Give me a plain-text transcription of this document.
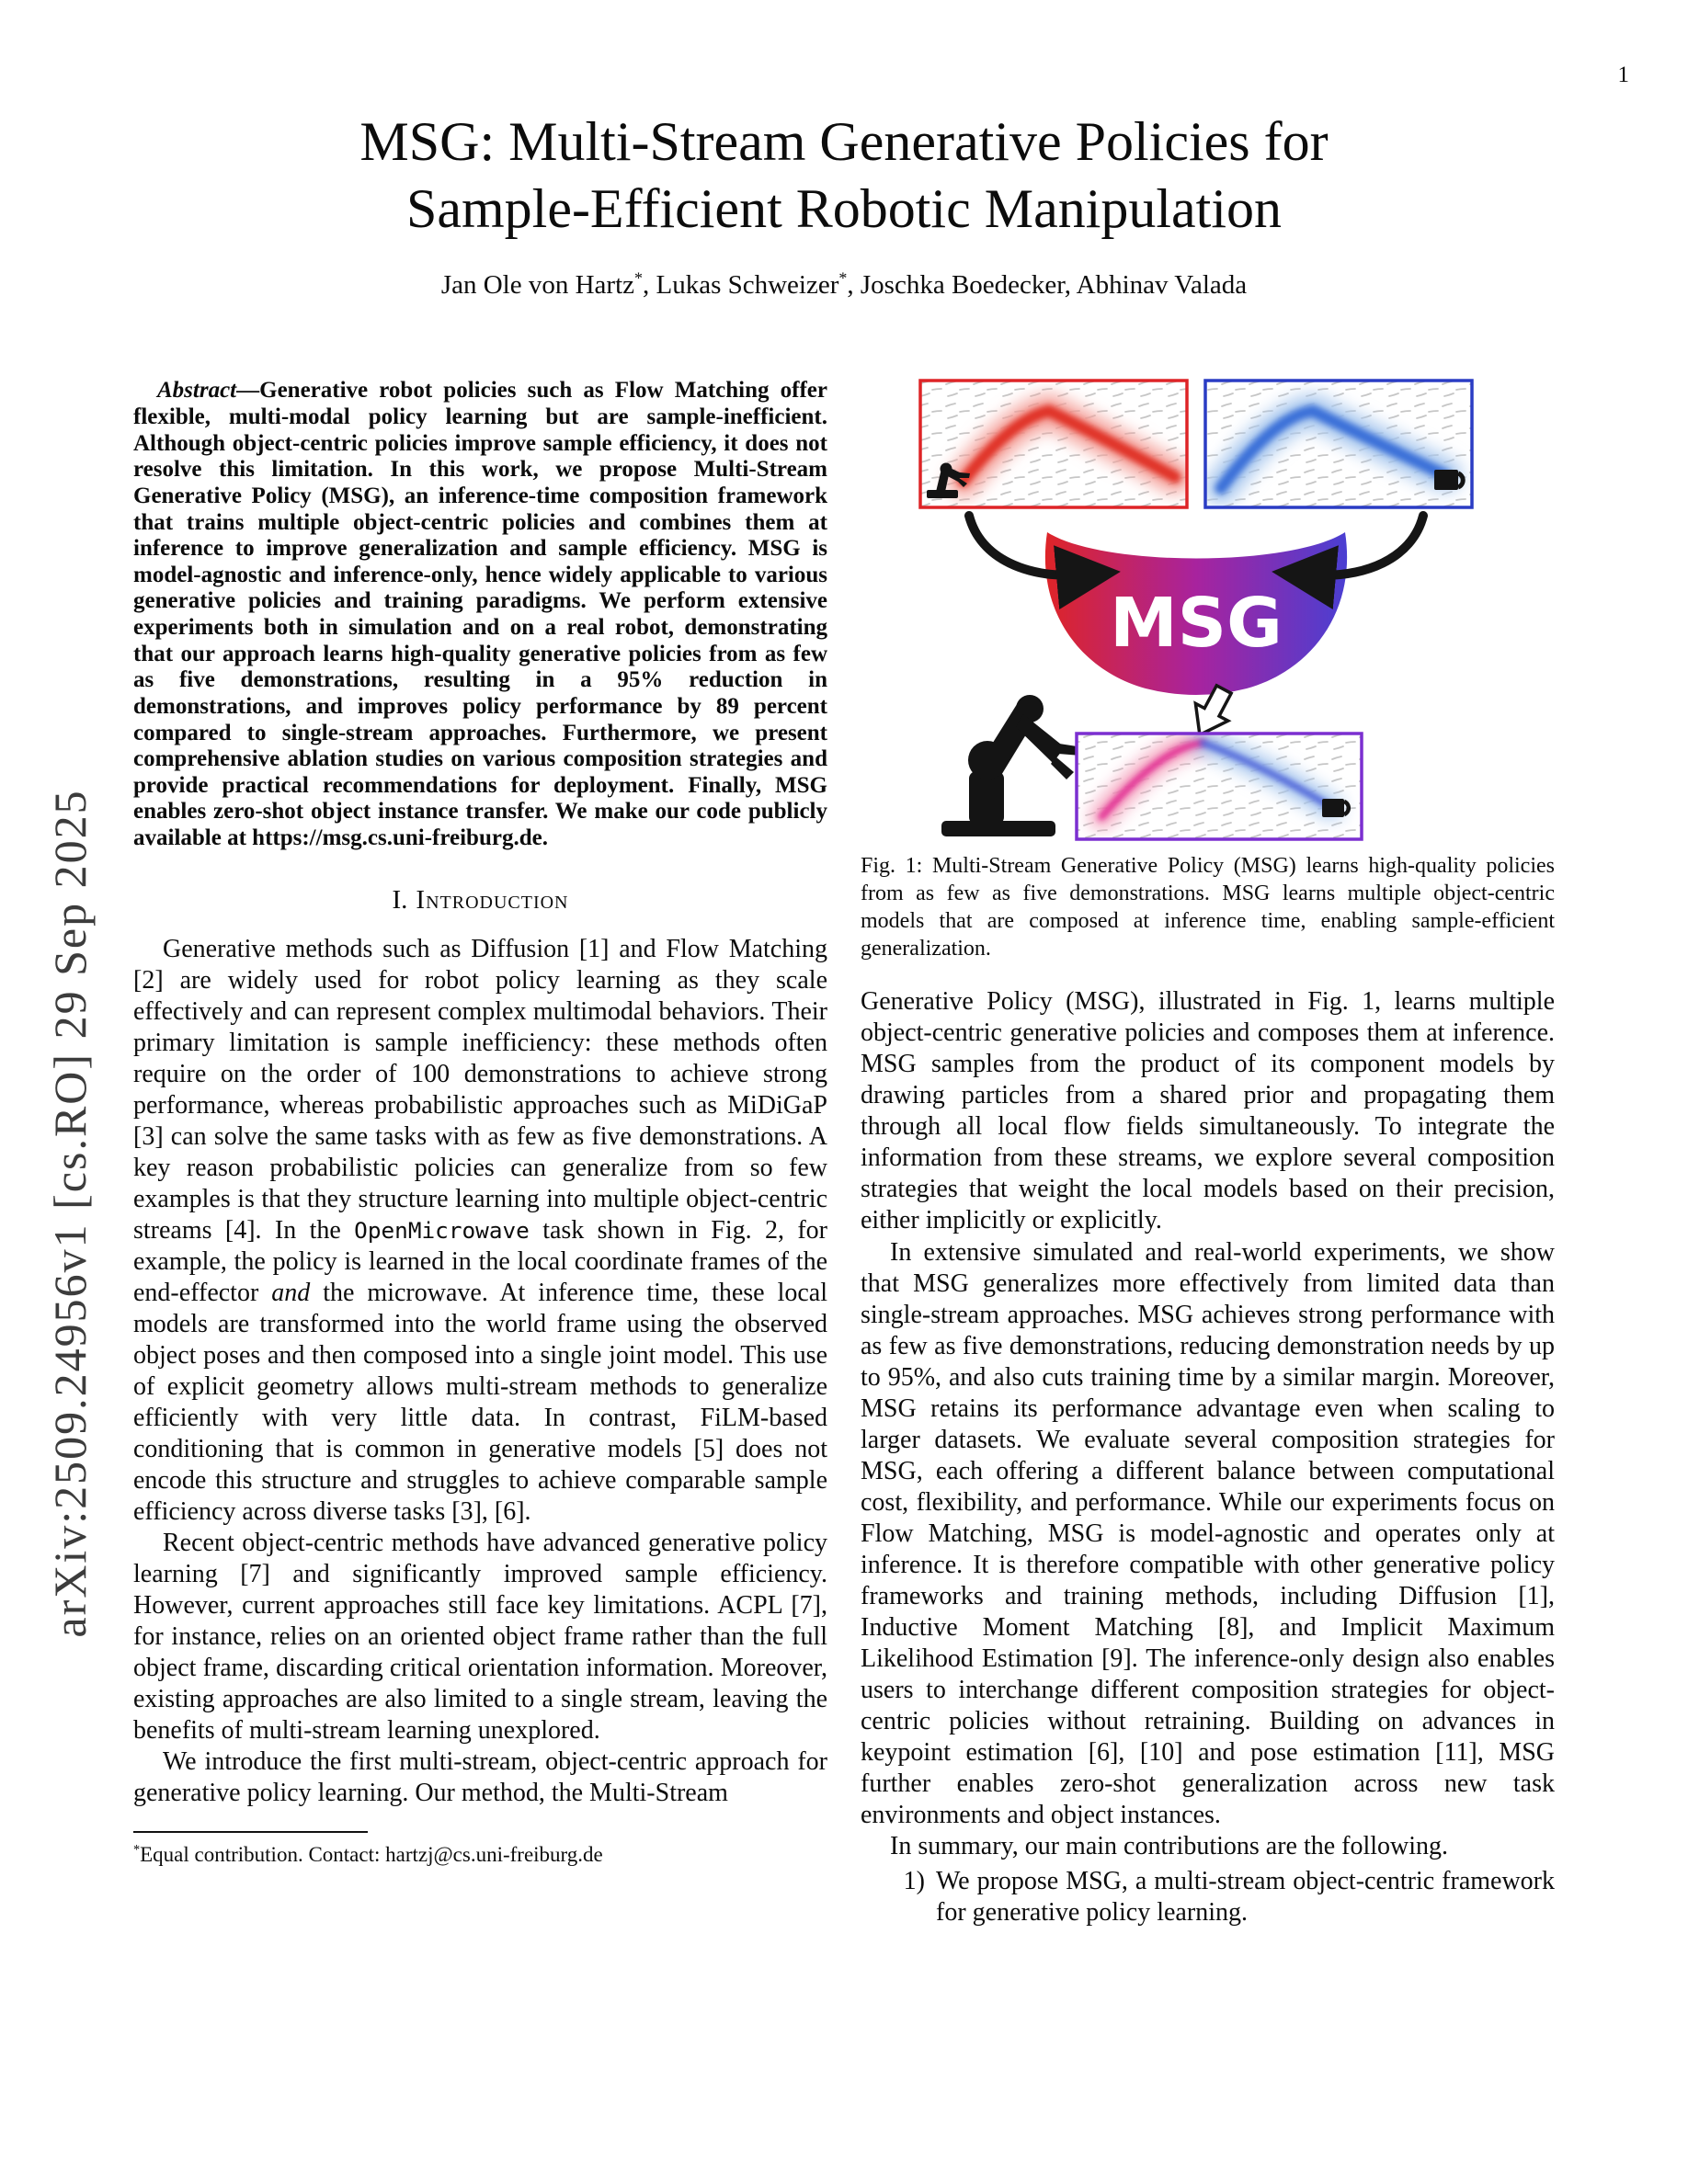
1
arXiv:2509.24956v1 [cs.RO] 29 Sep 2025
MSG: Multi-Stream Generative Policies for
Sample-Efficient Robotic Manipulation
Jan Ole von Hartz*, Lukas Schweizer*, Joschka Boedecker, Abhinav Valada

Abstract—Generative robot policies such as Flow Matching offer flexible, multi-modal policy learning but are sample-inefficient. Although object-centric policies improve sample efficiency, it does not resolve this limitation. In this work, we propose Multi-Stream Generative Policy (MSG), an inference-time composition framework that trains multiple object-centric policies and combines them at inference to improve generalization and sample efficiency. MSG is model-agnostic and inference-only, hence widely applicable to various generative policies and training paradigms. We perform extensive experiments both in simulation and on a real robot, demonstrating that our approach learns high-quality generative policies from as few as five demonstrations, resulting in a 95% reduction in demonstrations, and improves policy performance by 89 percent compared to single-stream approaches. Furthermore, we present comprehensive ablation studies on various composition strategies and provide practical recommendations for deployment. Finally, MSG enables zero-shot object instance transfer. We make our code publicly available at https://msg.cs.uni-freiburg.de.

I. Introduction

Generative methods such as Diffusion [1] and Flow Matching [2] are widely used for robot policy learning as they scale effectively and can represent complex multimodal behaviors. Their primary limitation is sample inefficiency: these methods often require on the order of 100 demonstrations to achieve strong performance, whereas probabilistic approaches such as MiDiGaP [3] can solve the same tasks with as few as five demonstrations. A key reason probabilistic policies can generalize from so few examples is that they structure learning into multiple object-centric streams [4]. In the OpenMicrowave task shown in Fig. 2, for example, the policy is learned in the local coordinate frames of the end-effector and the microwave. At inference time, these local models are transformed into the world frame using the observed object poses and then composed into a single joint model. This use of explicit geometry allows multi-stream methods to generalize efficiently with very little data. In contrast, FiLM-based conditioning that is common in generative models [5] does not encode this structure and struggles to achieve comparable sample efficiency across diverse tasks [3], [6].

Recent object-centric methods have advanced generative policy learning [7] and significantly improved sample efficiency. However, current approaches still face key limitations. ACPL [7], for instance, relies on an oriented object frame rather than the full object frame, discarding critical orientation information. Moreover, existing approaches are also limited to a single stream, leaving the benefits of multi-stream learning unexplored.

We introduce the first multi-stream, object-centric approach for generative policy learning. Our method, the Multi-Stream

*Equal contribution. Contact: hartzj@cs.uni-freiburg.de

MSG
Fig. 1: Multi-Stream Generative Policy (MSG) learns high-quality policies from as few as five demonstrations. MSG learns multiple object-centric models that are composed at inference time, enabling sample-efficient generalization.

Generative Policy (MSG), illustrated in Fig. 1, learns multiple object-centric generative policies and composes them at inference. MSG samples from the product of its component models by drawing particles from a shared prior and propagating them through all local flow fields simultaneously. To integrate the information from these streams, we explore several composition strategies that weight the local models based on their precision, either implicitly or explicitly.

In extensive simulated and real-world experiments, we show that MSG generalizes more effectively from limited data than single-stream approaches. MSG achieves strong performance with as few as five demonstrations, reducing demonstration needs by up to 95%, and also cuts training time by a similar margin. Moreover, MSG retains its performance advantage even when scaling to larger datasets. We evaluate several composition strategies for MSG, each offering a different balance between computational cost, flexibility, and performance. While our experiments focus on Flow Matching, MSG is model-agnostic and operates only at inference. It is therefore compatible with other generative policy frameworks and training methods, including Diffusion [1], Inductive Moment Matching [8], and Implicit Maximum Likelihood Estimation [9]. The inference-only design also enables users to interchange different composition strategies for object-centric policies without retraining. Building on advances in keypoint estimation [6], [10] and pose estimation [11], MSG further enables zero-shot generalization across new task environments and object instances.

In summary, our main contributions are the following.

1) We propose MSG, a multi-stream object-centric framework for generative policy learning.
